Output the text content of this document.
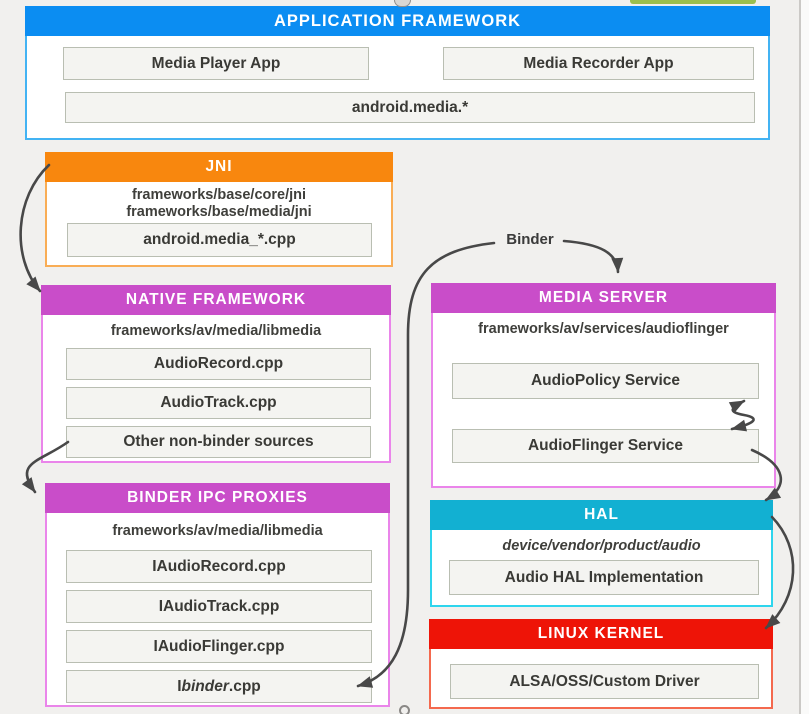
APPLICATION FRAMEWORK
Media Player App	Media Recorder App
android.media.*
JNI
frameworks/base/core/jni
frameworks/base/media/jni
android.media_*.cpp
NATIVE FRAMEWORK
frameworks/av/media/libmedia
AudioRecord.cpp
AudioTrack.cpp
Other non-binder sources
BINDER IPC PROXIES
frameworks/av/media/libmedia
IAudioRecord.cpp
IAudioTrack.cpp
IAudioFlinger.cpp
I binder .cpp
MEDIA SERVER
frameworks/av/services/audioflinger
AudioPolicy Service
AudioFlinger Service
HAL
device/vendor/product/audio
Audio HAL Implementation
LINUX KERNEL
ALSA/OSS/Custom Driver
Binder
